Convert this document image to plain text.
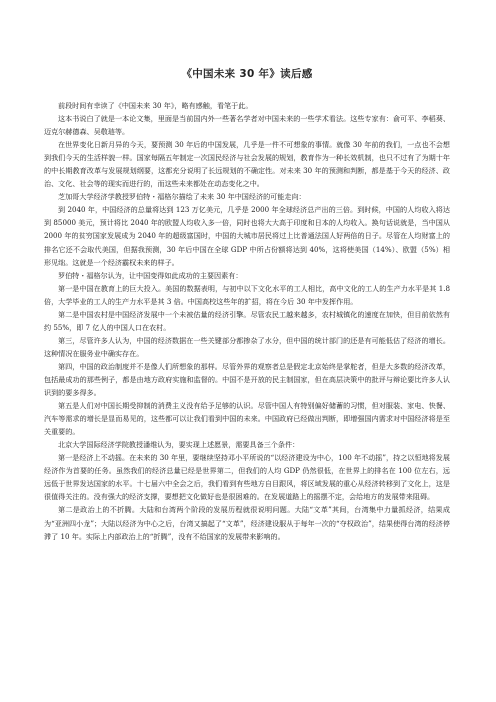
《中国未来 30 年》读后感

前段时间有幸读了《中国未来 30 年》，略有感触，看笔于此。

这本书说白了就是一本论文集，里面是当前国内外一些著名学者对中国未来的一些学术看法。这些专家有：俞可平、李稻葵、迈克尔赫德森、吴敬琏等。

在世界变化日新月异的今天，要预测 30 年后的中国发展，几乎是一件不可想象的事情。就像 30 年前的我们，一点也不会想到我们今天的生活样貌一样。国家每隔五年制定一次国民经济与社会发展的规划，教育作为一种长效机制，也只不过有了为期十年的中长期教育改革与发展规划纲要，这都充分说明了长远规划的不确定性。对未来 30 年的预测和判断，都是基于今天的经济、政治、文化、社会等的现实而进行的，而这些未来都处在动态变化之中。

芝加哥大学经济学教授罗伯特・福格尔描绘了未来 30 年中国经济的可能走向：

到 2040 年，中国经济的总量将达到 123 万亿美元，几乎是 2000 年全球经济总产出的三倍。到时候，中国的人均收入将达到 85000 美元，预计将比 2040 年的欧盟人均收入多一倍，同时也将大大高于印度和日本的人均收入。换句话说就是，当中国从 2000 年的贫穷国家发展成为 2040 年的超级富国时，中国的大城市居民将过上比普通法国人好两倍的日子。尽管在人均财富上的排名它还不会取代美国，但据我预测，30 年后中国在全球 GDP 中所占份额将达到 40%，这将使美国（14%）、欧盟（5%）相形见绌。这就是一个经济霸权未来的样子。

罗伯特・福格尔认为，让中国变得如此成功的主要因素有：

第一是中国在教育上的巨大投入。美国的数据表明，与初中以下文化水平的工人相比，高中文化的工人的生产力水平是其 1.8 倍，大学毕业的工人的生产力水平是其 3 倍。中国高校这些年的扩招，将在今后 30 年中发挥作用。

第二是中国农村是中国经济发展中一个未被估量的经济引擎。尽管农民工越来越多，农村城镇化的速度在加快，但目前依然有约 55%，即 7 亿人的中国人口在农村。

第三，尽管许多人认为，中国的经济数据在一些关键部分都掺杂了水分，但中国的统计部门的还是有可能低估了经济的增长。这种情况在服务业中确实存在。

第四，中国的政治制度并不是像人们所想象的那样。尽管外界的观察者总是假定北京始终是掌舵者，但是大多数的经济改革，包括最成功的那些例子，都是由地方政府实施和监督的。中国不是开放的民主制国家，但在高层决策中的批评与辩论要比许多人认识到的要多得多。

第五是人们对中国长期受抑制的消费主义没有给予足够的认识。尽管中国人有特别偏好储蓄的习惯，但对服装、家电、快餐、汽车等需求的增长是显而易见的，这些都可以让我们看到中国的未来。中国政府已经做出判断，即增强国内需求对中国经济将是至关重要的。

北京大学国际经济学院教授潘维认为，要实现上述愿景，需要具备三个条件：

第一是经济上不动摇。在未来的 30 年里，要继续坚持邓小平所说的“以经济建设为中心，100 年不动摇”，持之以恒地将发展经济作为首要的任务。虽然我们的经济总量已经是世界第二，但我们的人均 GDP 仍然很低，在世界上的排名在 100 位左右，远远低于世界发达国家的水平。十七届六中全会之后，我们看到有些地方自目跟风，将区域发展的重心从经济转移到了文化上，这是很值得关注的。没有强大的经济支撑，要想把文化做好也是很困难的。在发展道路上的摇摆不定，会给地方的发展带来阻碍。

第二是政治上的不折腾。大陆和台湾两个阶段的发展历程就很说明问题。大陆“文革”其间，台湾集中力量抓经济，结果成为“亚洲四小龙”；大陆以经济为中心之后，台湾又搞起了“文革”，经济建设服从于每年一次的“夺权政治”，结果使得台湾的经济停滞了 10 年。实际上内部政治上的“折腾”，没有不给国家的发展带来影响的。
